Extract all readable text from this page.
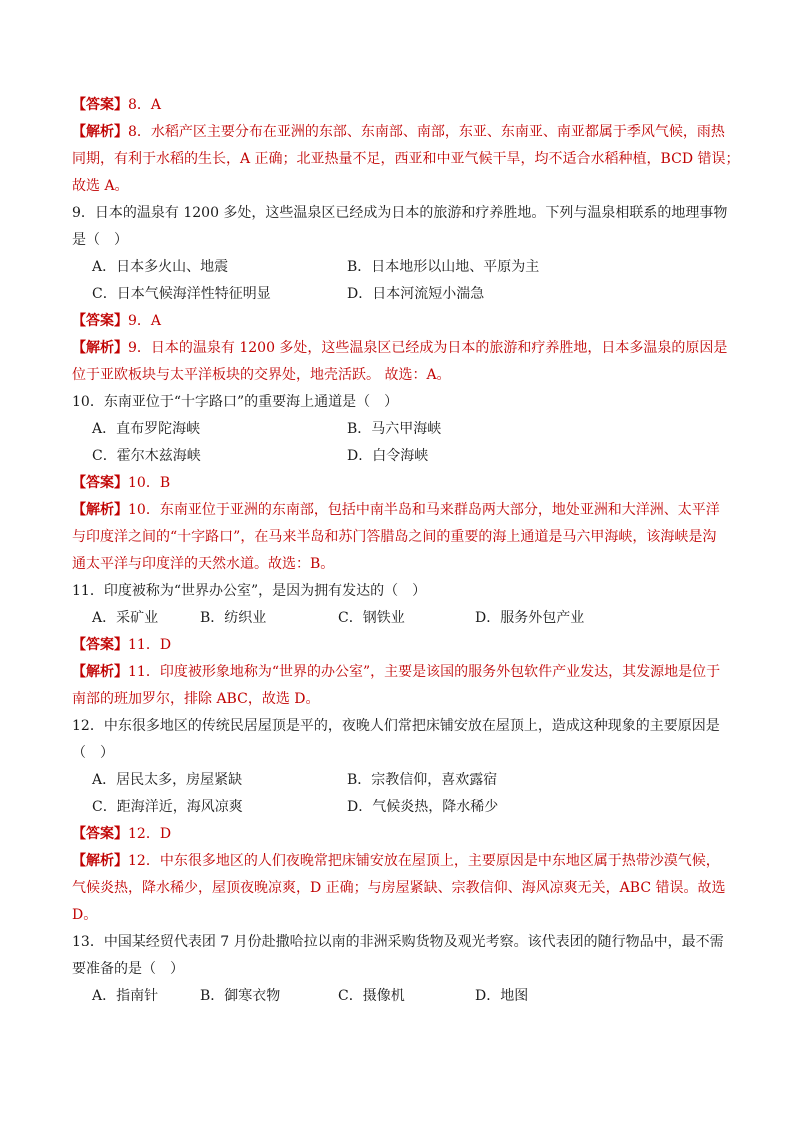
【答案】8．A
【解析】8．水稻产区主要分布在亚洲的东部、东南部、南部，东亚、东南亚、南亚都属于季风气候，雨热
同期，有利于水稻的生长，A 正确；北亚热量不足，西亚和中亚气候干旱，均不适合水稻种植，BCD 错误；
故选 A。
9．日本的温泉有 1200 多处，这些温泉区已经成为日本的旅游和疗养胜地。下列与温泉相联系的地理事物
是（　）
A．日本多火山、地震	B．日本地形以山地、平原为主
C．日本气候海洋性特征明显	D．日本河流短小湍急
【答案】9．A
【解析】9．日本的温泉有 1200 多处，这些温泉区已经成为日本的旅游和疗养胜地，日本多温泉的原因是
位于亚欧板块与太平洋板块的交界处，地壳活跃。 故选：A。
10．东南亚位于“十字路口”的重要海上通道是（　）
A．直布罗陀海峡	B．马六甲海峡
C．霍尔木兹海峡	D．白令海峡
【答案】10．B
【解析】10．东南亚位于亚洲的东南部，包括中南半岛和马来群岛两大部分，地处亚洲和大洋洲、太平洋
与印度洋之间的“十字路口”，在马来半岛和苏门答腊岛之间的重要的海上通道是马六甲海峡，该海峡是沟
通太平洋与印度洋的天然水道。故选：B。
11．印度被称为“世界办公室”，是因为拥有发达的（　）
A．采矿业	B．纺织业	C．钢铁业	D．服务外包产业
【答案】11．D
【解析】11．印度被形象地称为“世界的办公室”，主要是该国的服务外包软件产业发达，其发源地是位于
南部的班加罗尔，排除 ABC，故选 D。
12．中东很多地区的传统民居屋顶是平的，夜晚人们常把床铺安放在屋顶上，造成这种现象的主要原因是
（　）
A．居民太多，房屋紧缺	B．宗教信仰，喜欢露宿
C．距海洋近，海风凉爽	D．气候炎热，降水稀少
【答案】12．D
【解析】12．中东很多地区的人们夜晚常把床铺安放在屋顶上，主要原因是中东地区属于热带沙漠气候，
气候炎热，降水稀少，屋顶夜晚凉爽，D 正确；与房屋紧缺、宗教信仰、海风凉爽无关，ABC 错误。故选
D。
13．中国某经贸代表团 7 月份赴撒哈拉以南的非洲采购货物及观光考察。该代表团的随行物品中，最不需
要准备的是（　）
A．指南针	B．御寒衣物	C．摄像机	D．地图
